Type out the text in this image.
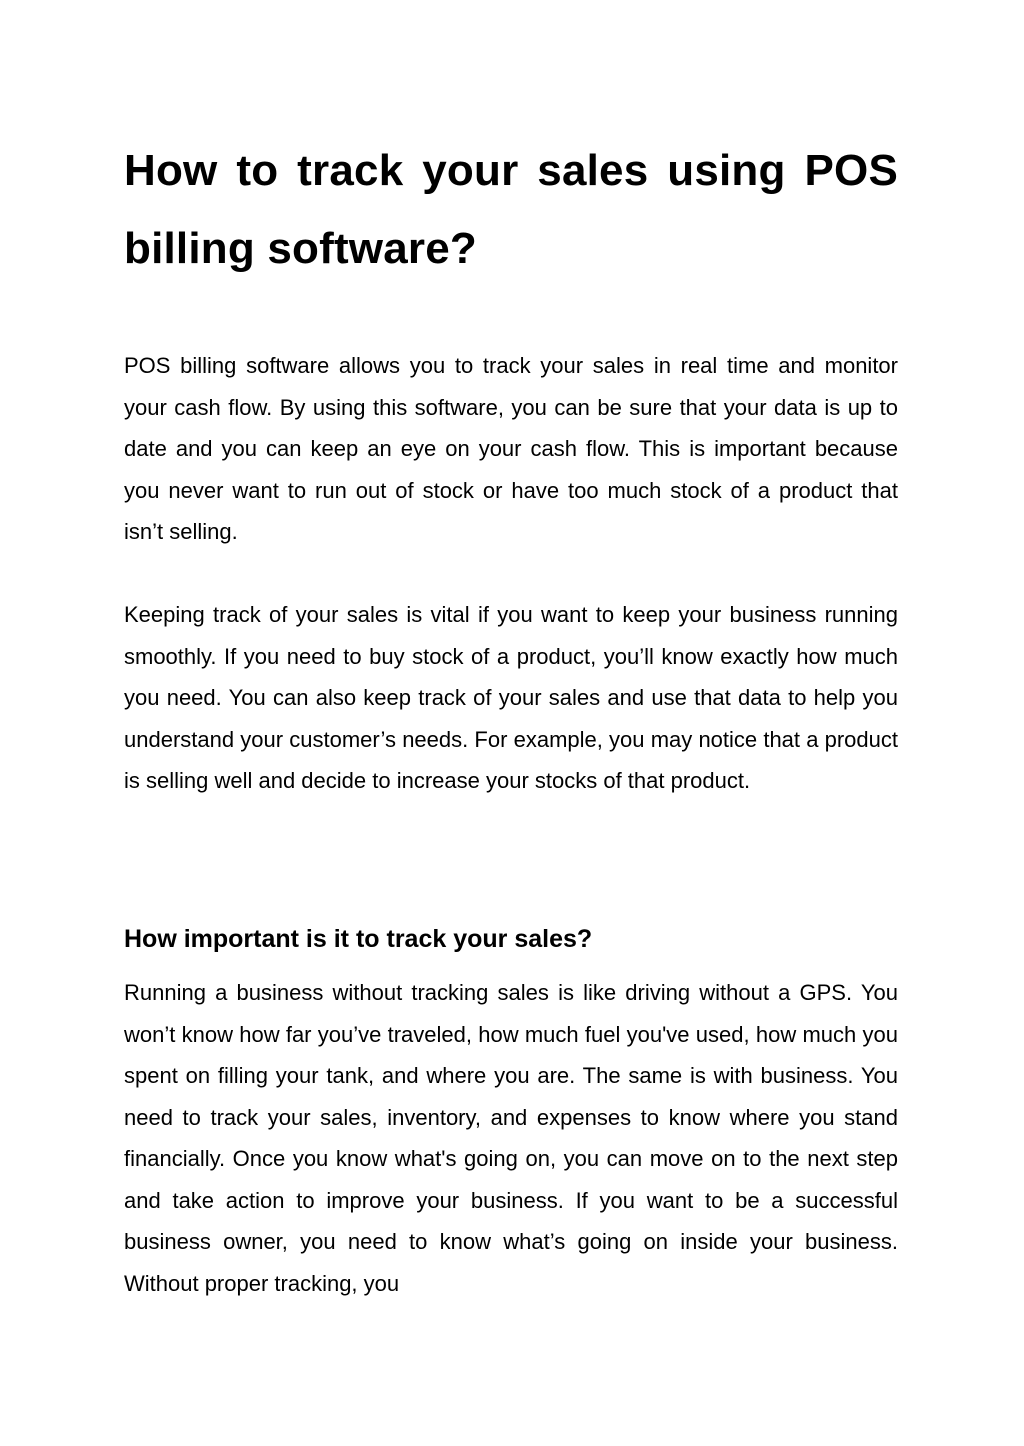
How to track your sales using POS billing software?

POS billing software allows you to track your sales in real time and monitor your cash flow. By using this software, you can be sure that your data is up to date and you can keep an eye on your cash flow. This is important because you never want to run out of stock or have too much stock of a product that isn’t selling.

Keeping track of your sales is vital if you want to keep your business running smoothly. If you need to buy stock of a product, you’ll know exactly how much you need. You can also keep track of your sales and use that data to help you understand your customer’s needs. For example, you may notice that a product is selling well and decide to increase your stocks of that product.

How important is it to track your sales?

Running a business without tracking sales is like driving without a GPS. You won’t know how far you’ve traveled, how much fuel you've used, how much you spent on filling your tank, and where you are. The same is with business. You need to track your sales, inventory, and expenses to know where you stand financially. Once you know what's going on, you can move on to the next step and take action to improve your business. If you want to be a successful business owner, you need to know what’s going on inside your business. Without proper tracking, you
